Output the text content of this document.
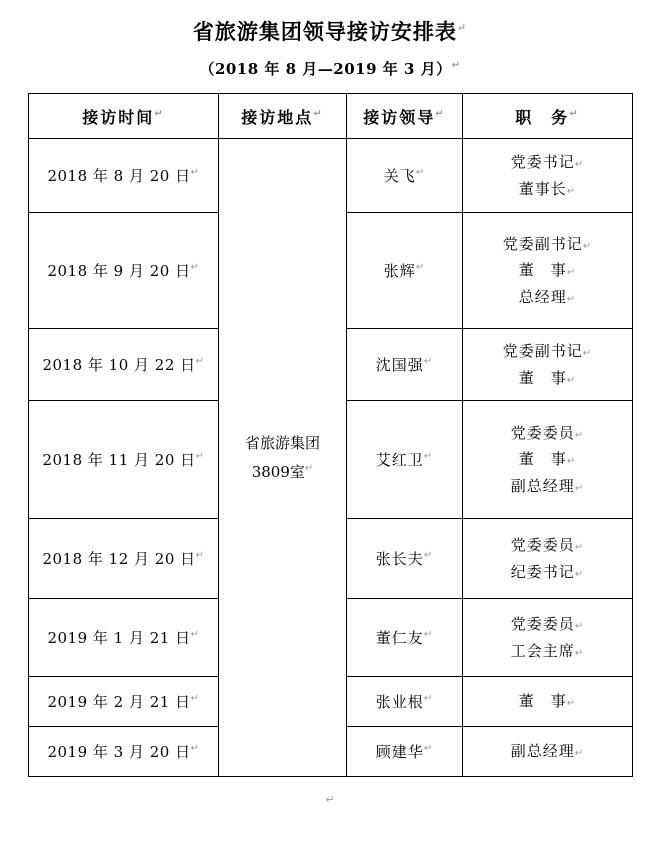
省旅游集团领导接访安排表↵
（2018 年 8 月—2019 年 3 月）↵
接访时间↵	接访地点↵	接访领导↵	职　务↵
2018 年 8 月 20 日↵	省旅游集团
3809室↵	关飞↵	党委书记↵
董事长↵

2018 年 9 月 20 日↵		张辉↵	党委副书记↵
董　事↵
总经理↵

2018 年 10 月 22 日↵		沈国强↵	党委副书记↵
董　事↵

2018 年 11 月 20 日↵		艾红卫↵	党委委员↵
董　事↵
副总经理↵

2018 年 12 月 20 日↵		张长夫↵	党委委员↵
纪委书记↵

2019 年 1 月 21 日↵		董仁友↵	党委委员↵
工会主席↵

2019 年 2 月 21 日↵		张业根↵	董　事↵

2019 年 3 月 20 日↵		顾建华↵	副总经理↵
↵
